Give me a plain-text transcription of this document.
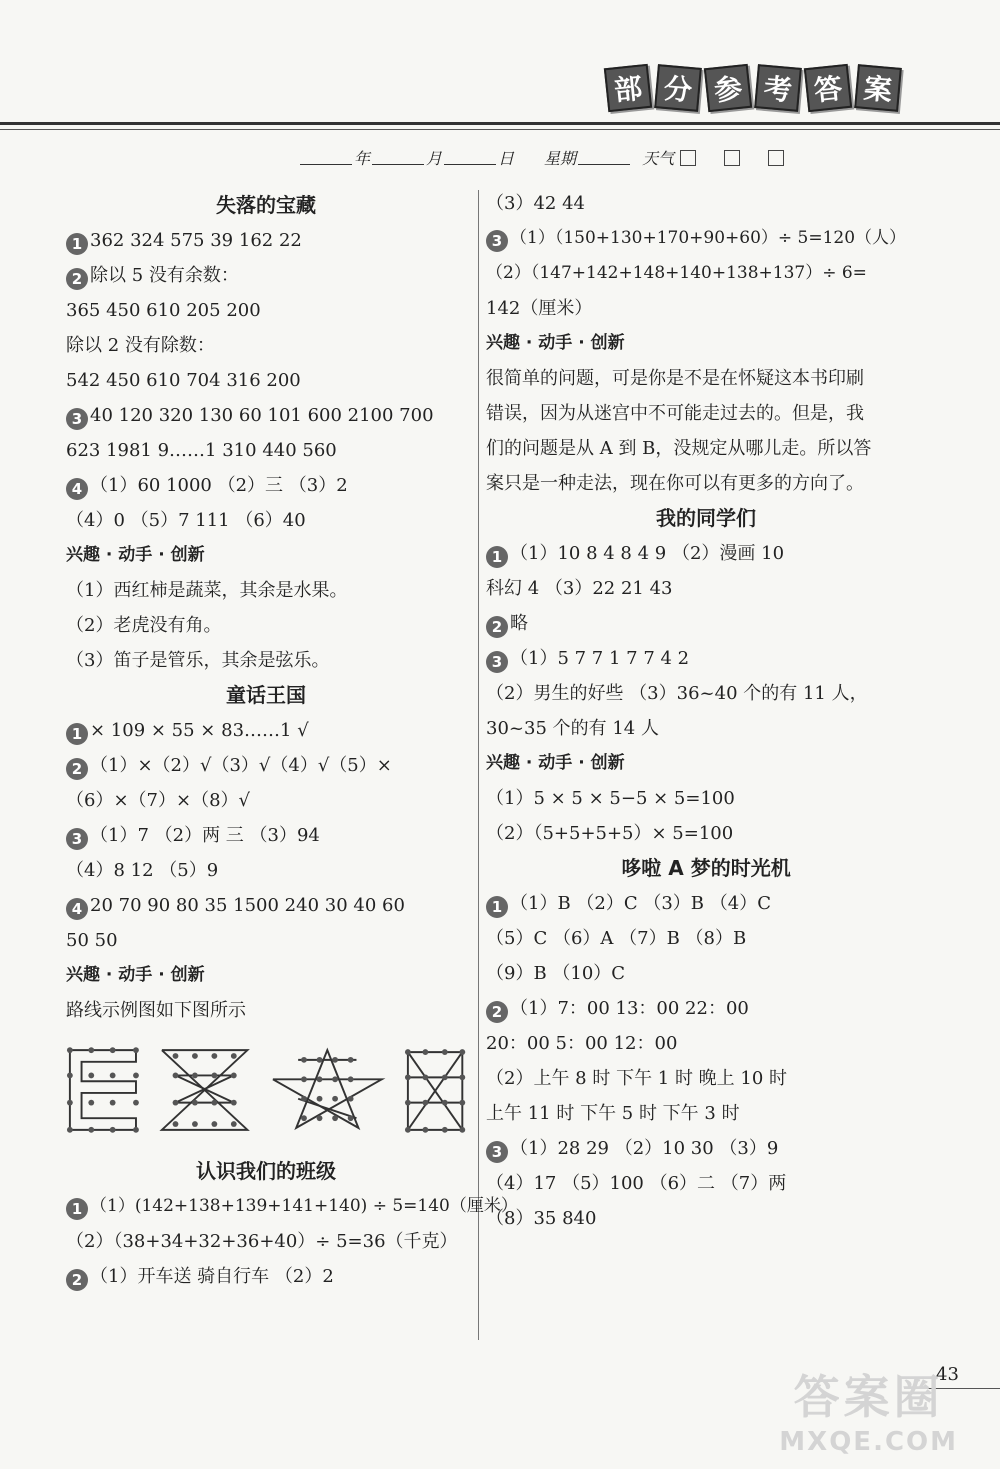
部 分 参 考 答 案
年	月	日 星期	天气
失落的宝藏
1 362 324 575 39 162 22
2 除以 5 没有余数：
365 450 610 205 200
除以 2 没有除数：
542 450 610 704 316 200
3 40 120 320 130 60 101 600 2100 700
623 1981 9……1 310 440 560
4 （1）60 1000 （2）三 （3）2
（4）0 （5）7 111 （6）40
兴趣 · 动手 · 创新
（1）西红柿是蔬菜，其余是水果。
（2）老虎没有角。
（3）笛子是管乐，其余是弦乐。
童话王国
1 × 109 × 55 × 83……1 √
2 （1）×（2）√（3）√（4）√（5）×
（6）×（7）×（8）√
3 （1）7 （2）两 三 （3）94
（4）8 12 （5）9
4 20 70 90 80 35 1500 240 30 40 60
50 50
兴趣 · 动手 · 创新
路线示例图如下图所示
认识我们的班级
1 （1）(142+138+139+141+140) ÷ 5=140（厘米）
（2）（38+34+32+36+40）÷ 5=36（千克）
2 （1）开车送 骑自行车 （2）2
（3）42 44
3 （1）（150+130+170+90+60）÷ 5=120（人）
（2）（147+142+148+140+138+137）÷ 6=
142（厘米）
兴趣 · 动手 · 创新
很简单的问题，可是你是不是在怀疑这本书印刷错误，因为从迷宫中不可能走过去的。但是，我们的问题是从 A 到 B，没规定从哪儿走。所以答案只是一种走法，现在你可以有更多的方向了。
我的同学们
1 （1）10 8 4 8 4 9 （2）漫画 10
科幻 4 （3）22 21 43
2 略
3 （1）5 7 7 1 7 7 4 2
（2）男生的好些 （3）36~40 个的有 11 人，
30~35 个的有 14 人
兴趣 · 动手 · 创新
（1）5 × 5 × 5−5 × 5=100
（2）（5+5+5+5）× 5=100
哆啦 A 梦的时光机
1 （1）B （2）C （3）B （4）C
（5）C （6）A （7）B （8）B
（9）B （10）C
2 （1）7：00 13：00 22：00
20：00 5：00 12：00
（2）上午 8 时 下午 1 时 晚上 10 时
上午 11 时 下午 5 时 下午 3 时
3 （1）28 29 （2）10 30 （3）9
（4）17 （5）100 （6）二 （7）两
（8）35 840
43
答案圈
MXQE.COM
